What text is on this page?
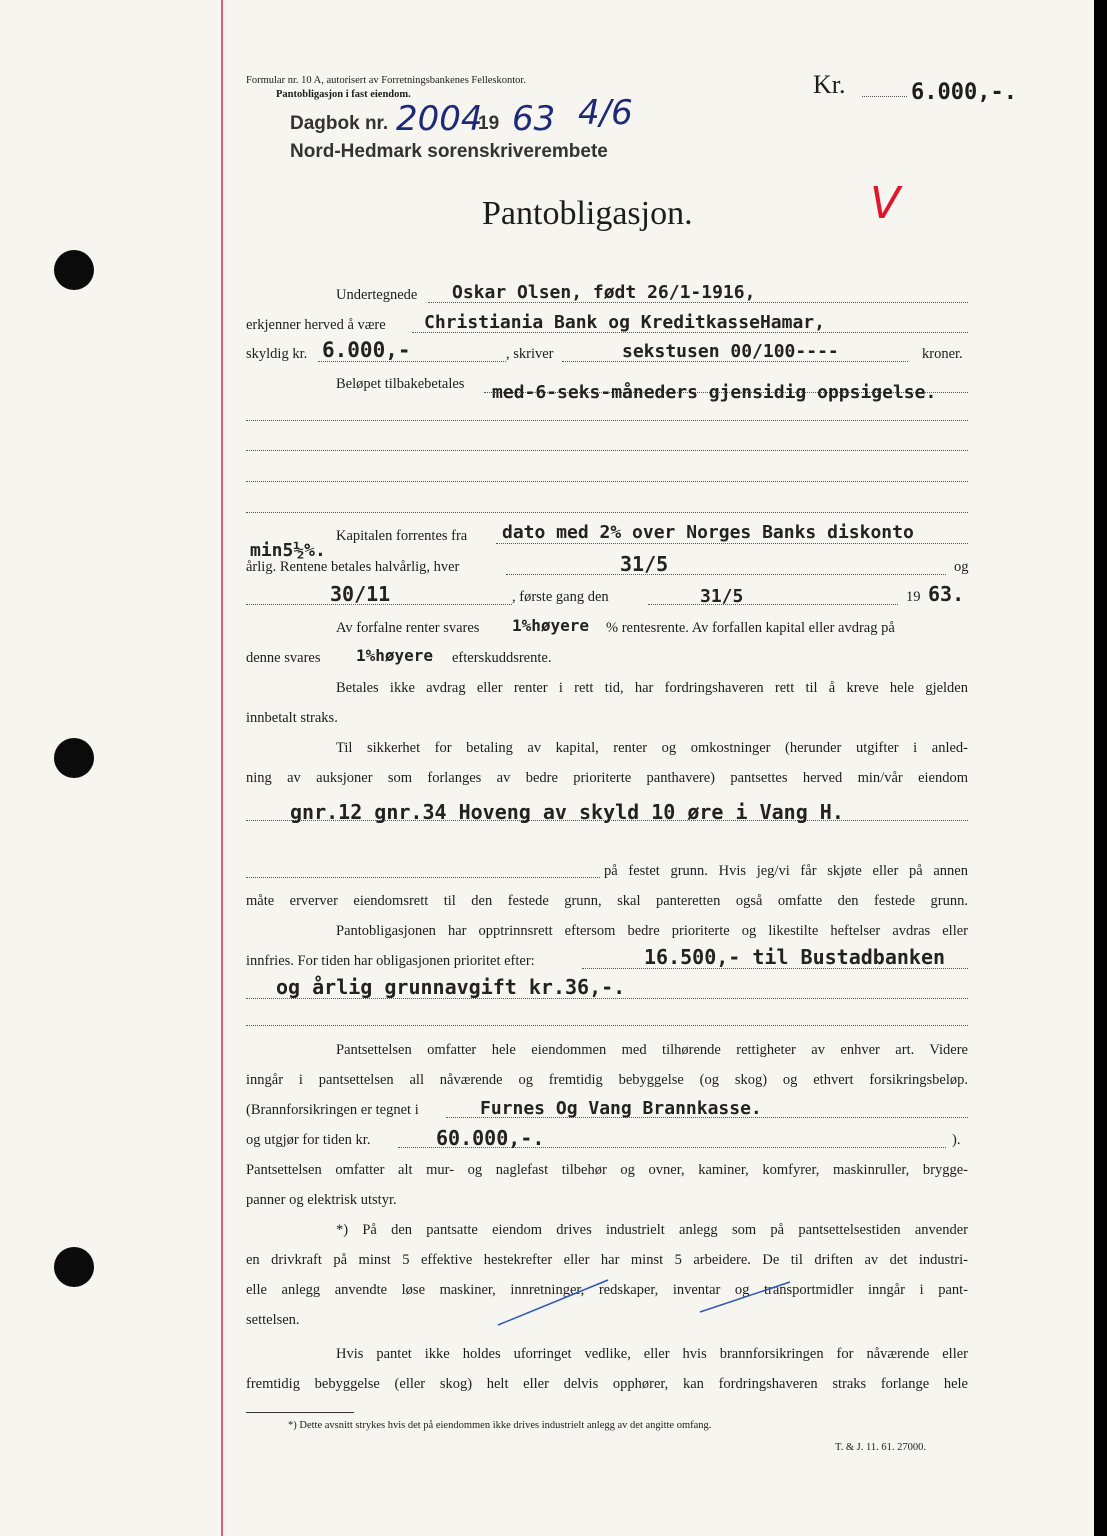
Formular nr. 10 A, autorisert av Forretningsbankenes Felleskontor.
Pantobligasjon i fast eiendom.
Dagbok nr. 2004
19 63 4/6
Nord-Hedmark sorenskriverembete
Kr.	6.000,-.
V
Pantobligasjon.
Undertegnede Oskar Olsen, født 26/1-1916,
erkjenner herved å være Christiania Bank og KreditkasseHamar,
skyldig kr. 6.000,-	, skriver	sekstusen 00/100----	kroner.
Beløpet tilbakebetales med-6-seks-måneders gjensidig oppsigelse.
Kapitalen forrentes fra dato med 2% over Norges Banks diskonto
min5½%.
årlig. Rentene betales halvårlig, hver	31/5	og
30/11	, første gang den	31/5	19 63.
Av forfalne renter svares 1%høyere % rentesrente. Av forfallen kapital eller avdrag på
denne svares 1%høyere efterskuddsrente.
Betales ikke avdrag eller renter i rett tid, har fordringshaveren rett til å kreve hele gjelden
innbetalt straks.
Til sikkerhet for betaling av kapital, renter og omkostninger (herunder utgifter i anled-
ning av auksjoner som forlanges av bedre prioriterte panthavere) pantsettes herved min/vår eiendom
gnr.12 gnr.34 Hoveng av skyld 10 øre i Vang H.
på festet grunn. Hvis jeg/vi får skjøte eller på annen
måte erverver eiendomsrett til den festede grunn, skal panteretten også omfatte den festede grunn.
Pantobligasjonen har opptrinnsrett eftersom bedre prioriterte og likestilte heftelser avdras eller
innfries. For tiden har obligasjonen prioritet efter:	16.500,- til Bustadbanken
og årlig grunnavgift kr.36,-.
Pantsettelsen omfatter hele eiendommen med tilhørende rettigheter av enhver art. Videre
inngår i pantsettelsen all nåværende og fremtidig bebyggelse (og skog) og ethvert forsikringsbeløp.
(Brannforsikringen er tegnet i	Furnes Og Vang Brannkasse.
og utgjør for tiden kr.	60.000,-.	).
Pantsettelsen omfatter alt mur- og naglefast tilbehør og ovner, kaminer, komfyrer, maskinruller, brygge-
panner og elektrisk utstyr.
*) På den pantsatte eiendom drives industrielt anlegg som på pantsettelsestiden anvender
en drivkraft på minst 5 effektive hestekrefter eller har minst 5 arbeidere. De til driften av det industri-
elle anlegg anvendte løse maskiner, innretninger, redskaper, inventar og transportmidler inngår i pant-
settelsen.
Hvis pantet ikke holdes uforringet vedlike, eller hvis brannforsikringen for nåværende eller
fremtidig bebyggelse (eller skog) helt eller delvis opphører, kan fordringshaveren straks forlange hele
*) Dette avsnitt strykes hvis det på eiendommen ikke drives industrielt anlegg av det angitte omfang.
T. & J. 11. 61. 27000.
